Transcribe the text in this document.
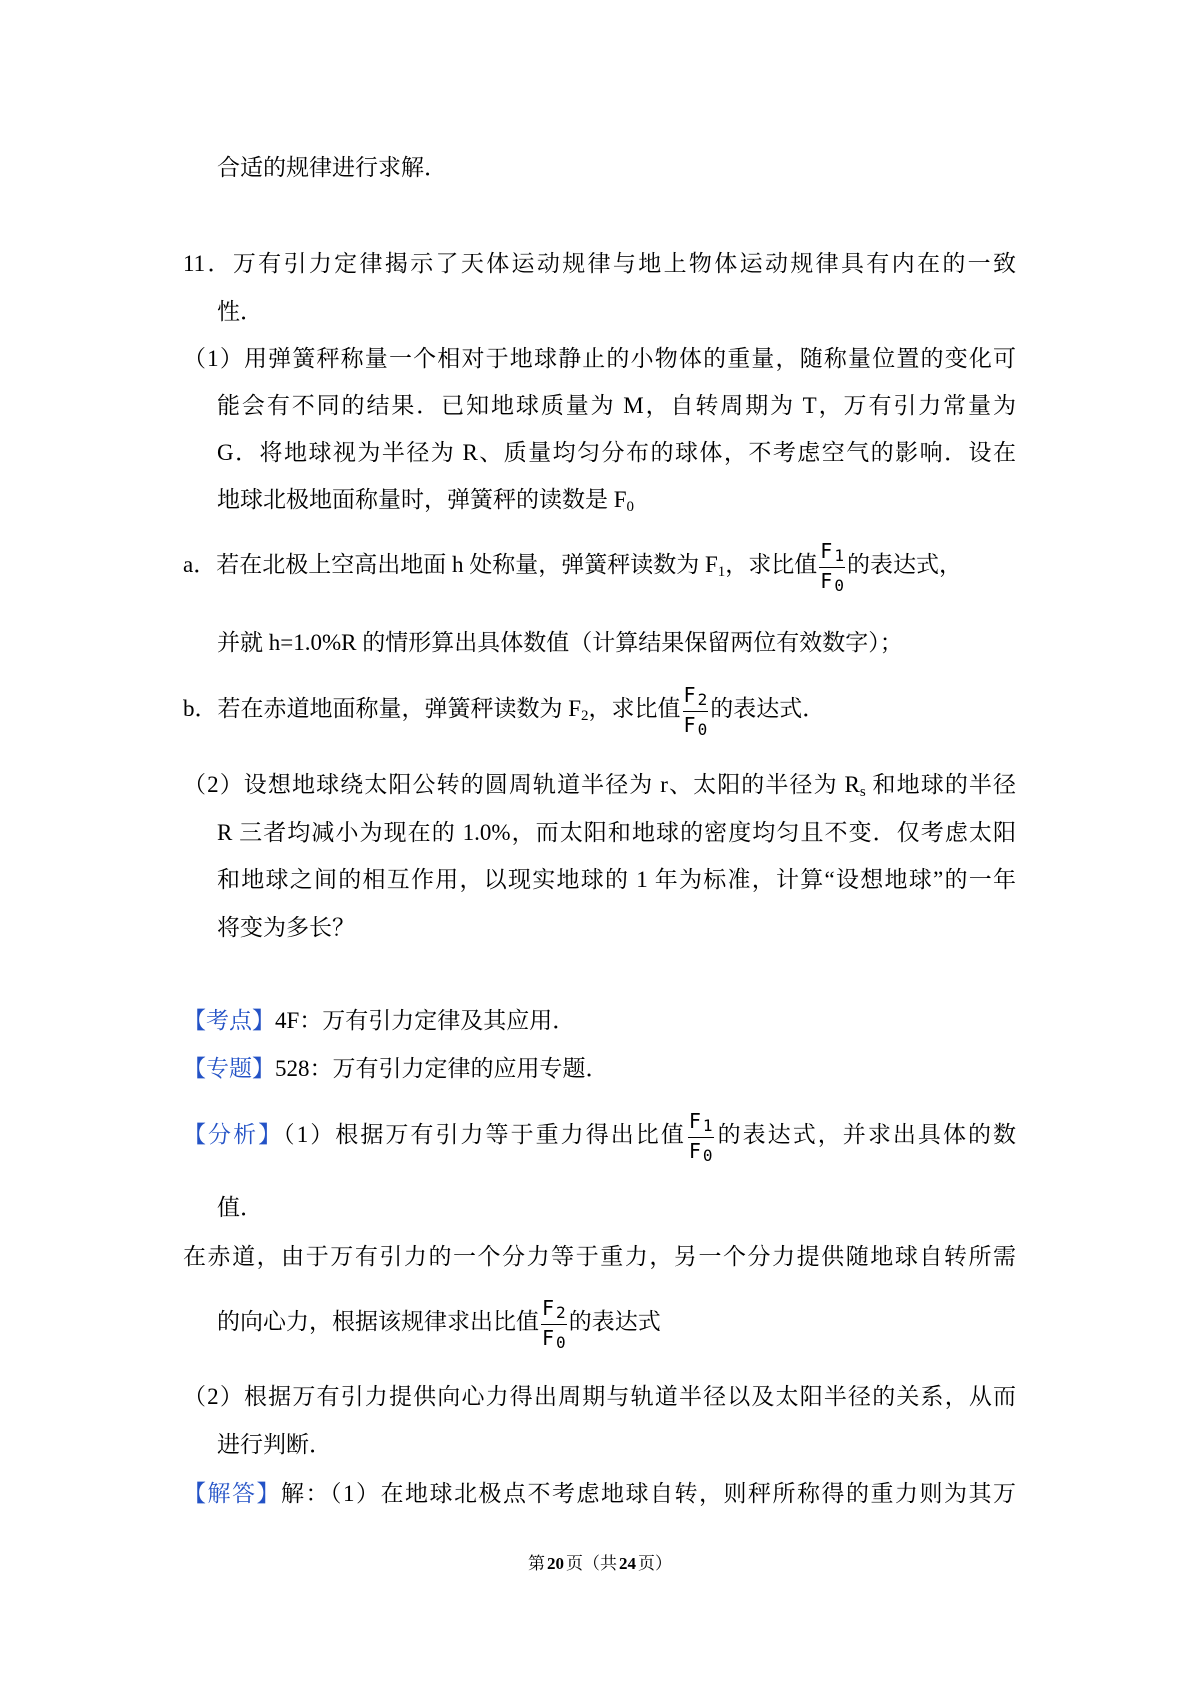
合适的规律进行求解．
11．万有引力定律揭示了天体运动规律与地上物体运动规律具有内在的一致
性．
（1）用弹簧秤称量一个相对于地球静止的小物体的重量，随称量位置的变化可
能会有不同的结果．已知地球质量为 M，自转周期为 T，万有引力常量为
G．将地球视为半径为 R、质量均匀分布的球体，不考虑空气的影响．设在
地球北极地面称量时，弹簧秤的读数是 $F_0$
a．若在北极上空高出地面 h 处称量，弹簧秤读数为 $F_1$，求比值 $\frac{F 1}{F 0}$ 的表达式，
并就 h=1.0%R 的情形算出具体数值（计算结果保留两位有效数字）；
b．若在赤道地面称量，弹簧秤读数为 $F_2$，求比值 $\frac{F 2}{F 0}$ 的表达式．
（2）设想地球绕太阳公转的圆周轨道半径为 r、太阳的半径为 $R_s$ 和地球的半径
R 三者均减小为现在的 1.0%，而太阳和地球的密度均匀且不变．仅考虑太阳
和地球之间的相互作用，以现实地球的 1 年为标准，计算“设想地球”的一年
将变为多长？
【考点】4F：万有引力定律及其应用．
【专题】528：万有引力定律的应用专题．
【分析】（1）根据万有引力等于重力得出比值 $\frac{F 1}{F 0}$ 的表达式，并求出具体的数
值．
在赤道，由于万有引力的一个分力等于重力，另一个分力提供随地球自转所需
的向心力，根据该规律求出比值 $\frac{F 2}{F 0}$ 的表达式
（2）根据万有引力提供向心力得出周期与轨道半径以及太阳半径的关系，从而
进行判断．
【解答】解：（1）在地球北极点不考虑地球自转，则秤所称得的重力则为其万
第 20 页（共 24 页）
